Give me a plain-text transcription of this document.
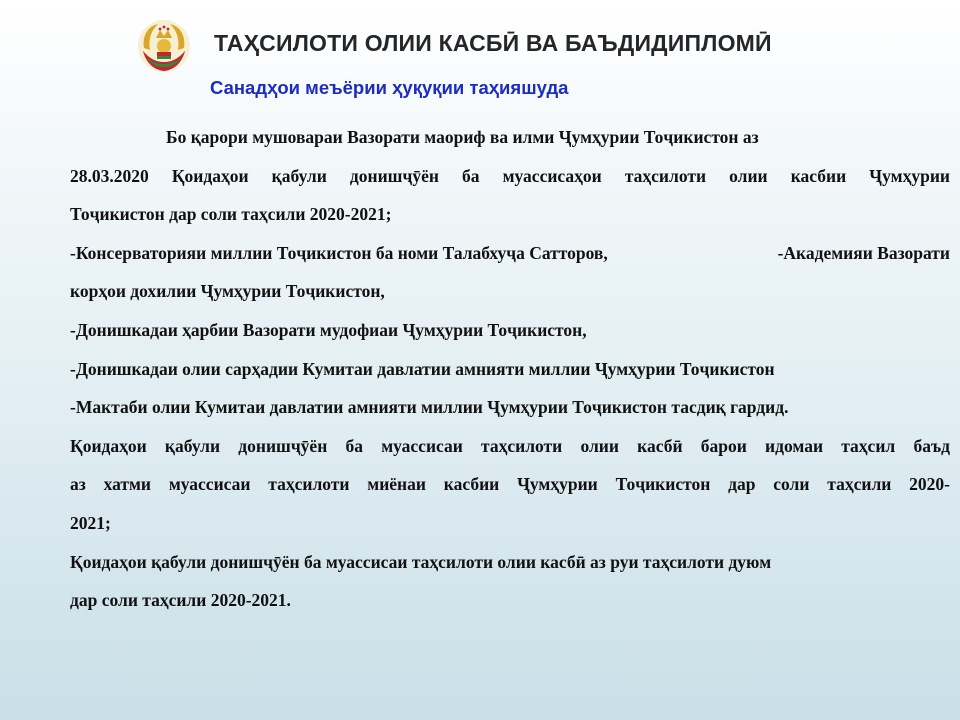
ТАҲСИЛОТИ ОЛИИ КАСБӢ ВА БАЪДИДИПЛОМӢ
Санадҳои меъёрии ҳуқуқии таҳияшуда
Бо қарори мушовараи Вазорати маориф ва илми Ҷумҳурии Тоҷикистон аз
28.03.2020 Қоидаҳои қабули донишҷӯён ба муассисаҳои таҳсилоти олии касбии Ҷумҳурии
Тоҷикистон дар соли таҳсили 2020-2021;
-Консерваторияи миллии Тоҷикистон ба номи Талабхуҷа Сатторов,	-Академияи Вазорати
корҳои дохилии Ҷумҳурии Тоҷикистон,
-Донишкадаи ҳарбии Вазорати мудофиаи Ҷумҳурии Тоҷикистон,
-Донишкадаи олии сарҳадии Кумитаи давлатии амнияти миллии Ҷумҳурии Тоҷикистон
-Мактаби олии Кумитаи давлатии амнияти миллии Ҷумҳурии Тоҷикистон тасдиқ гардид.
Қоидаҳои қабули донишҷӯён ба муассисаи таҳсилоти олии касбӣ барои идомаи таҳсил баъд
аз хатми муассисаи таҳсилоти миёнаи касбии Ҷумҳурии Тоҷикистон дар соли таҳсили 2020-
2021;
Қоидаҳои қабули донишҷӯён ба муассисаи таҳсилоти олии касбӣ аз руи таҳсилоти дуюм
дар соли таҳсили 2020-2021.
